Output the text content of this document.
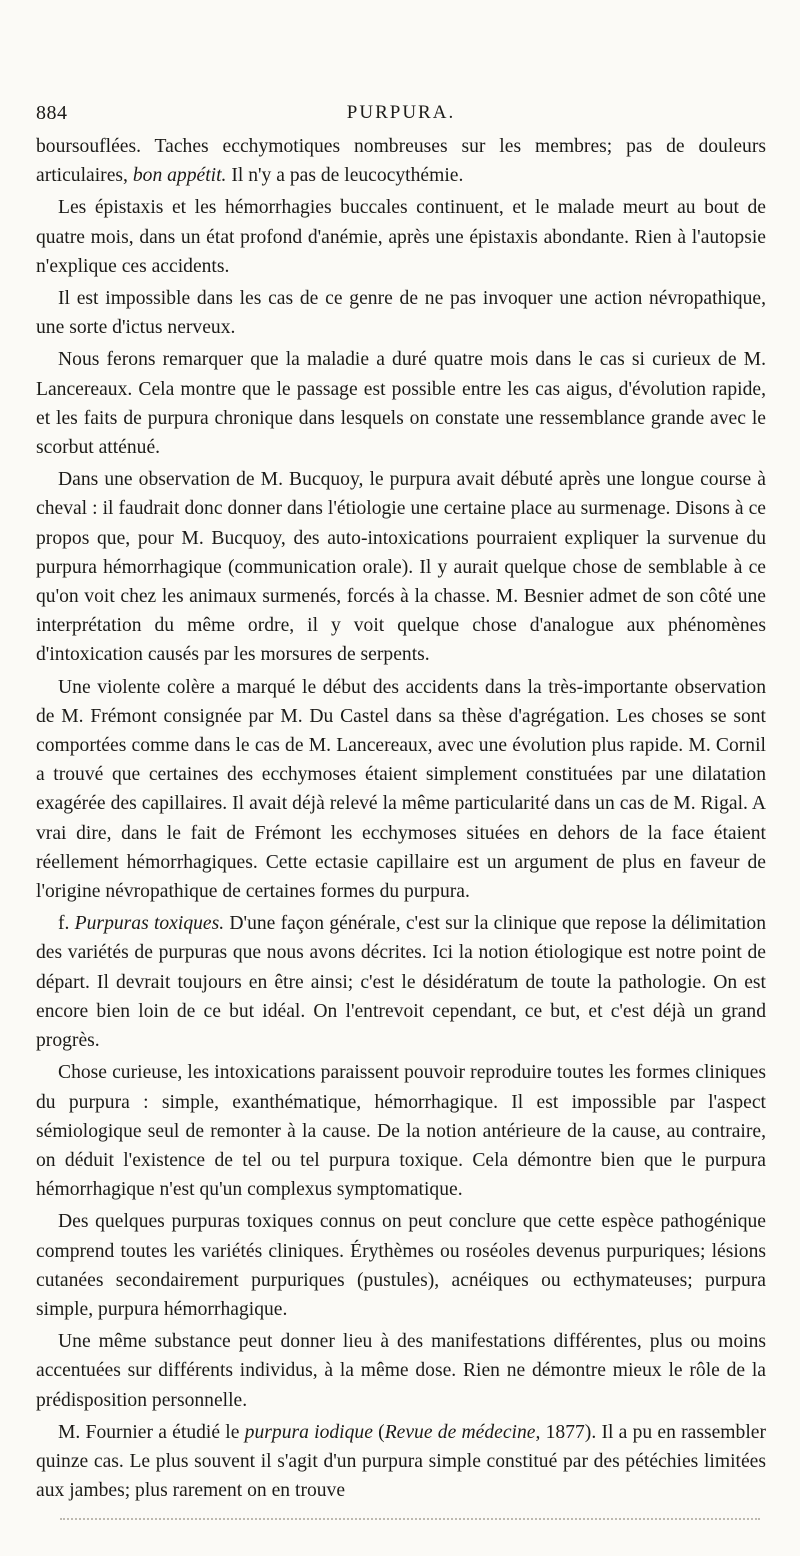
884	PURPURA.

boursouflées. Taches ecchymotiques nombreuses sur les membres; pas de douleurs articulaires, bon appétit. Il n'y a pas de leucocythémie.

Les épistaxis et les hémorrhagies buccales continuent, et le malade meurt au bout de quatre mois, dans un état profond d'anémie, après une épistaxis abondante. Rien à l'autopsie n'explique ces accidents.

Il est impossible dans les cas de ce genre de ne pas invoquer une action névropathique, une sorte d'ictus nerveux.

Nous ferons remarquer que la maladie a duré quatre mois dans le cas si curieux de M. Lancereaux. Cela montre que le passage est possible entre les cas aigus, d'évolution rapide, et les faits de purpura chronique dans lesquels on constate une ressemblance grande avec le scorbut atténué.

Dans une observation de M. Bucquoy, le purpura avait débuté après une longue course à cheval : il faudrait donc donner dans l'étiologie une certaine place au surmenage. Disons à ce propos que, pour M. Bucquoy, des auto-intoxications pourraient expliquer la survenue du purpura hémorrhagique (communication orale). Il y aurait quelque chose de semblable à ce qu'on voit chez les animaux surmenés, forcés à la chasse. M. Besnier admet de son côté une interprétation du même ordre, il y voit quelque chose d'analogue aux phénomènes d'intoxication causés par les morsures de serpents.

Une violente colère a marqué le début des accidents dans la très-importante observation de M. Frémont consignée par M. Du Castel dans sa thèse d'agrégation. Les choses se sont comportées comme dans le cas de M. Lancereaux, avec une évolution plus rapide. M. Cornil a trouvé que certaines des ecchymoses étaient simplement constituées par une dilatation exagérée des capillaires. Il avait déjà relevé la même particularité dans un cas de M. Rigal. A vrai dire, dans le fait de Frémont les ecchymoses situées en dehors de la face étaient réellement hémorrhagiques. Cette ectasie capillaire est un argument de plus en faveur de l'origine névropathique de certaines formes du purpura.

f. Purpuras toxiques. D'une façon générale, c'est sur la clinique que repose la délimitation des variétés de purpuras que nous avons décrites. Ici la notion étiologique est notre point de départ. Il devrait toujours en être ainsi; c'est le désidératum de toute la pathologie. On est encore bien loin de ce but idéal. On l'entrevoit cependant, ce but, et c'est déjà un grand progrès.

Chose curieuse, les intoxications paraissent pouvoir reproduire toutes les formes cliniques du purpura : simple, exanthématique, hémorrhagique. Il est impossible par l'aspect sémiologique seul de remonter à la cause. De la notion antérieure de la cause, au contraire, on déduit l'existence de tel ou tel purpura toxique. Cela démontre bien que le purpura hémorrhagique n'est qu'un complexus symptomatique.

Des quelques purpuras toxiques connus on peut conclure que cette espèce pathogénique comprend toutes les variétés cliniques. Érythèmes ou roséoles devenus purpuriques; lésions cutanées secondairement purpuriques (pustules), acnéiques ou ecthymateuses; purpura simple, purpura hémorrhagique.

Une même substance peut donner lieu à des manifestations différentes, plus ou moins accentuées sur différents individus, à la même dose. Rien ne démontre mieux le rôle de la prédisposition personnelle.

M. Fournier a étudié le purpura iodique (Revue de médecine, 1877). Il a pu en rassembler quinze cas. Le plus souvent il s'agit d'un purpura simple constitué par des pétéchies limitées aux jambes; plus rarement on en trouve
